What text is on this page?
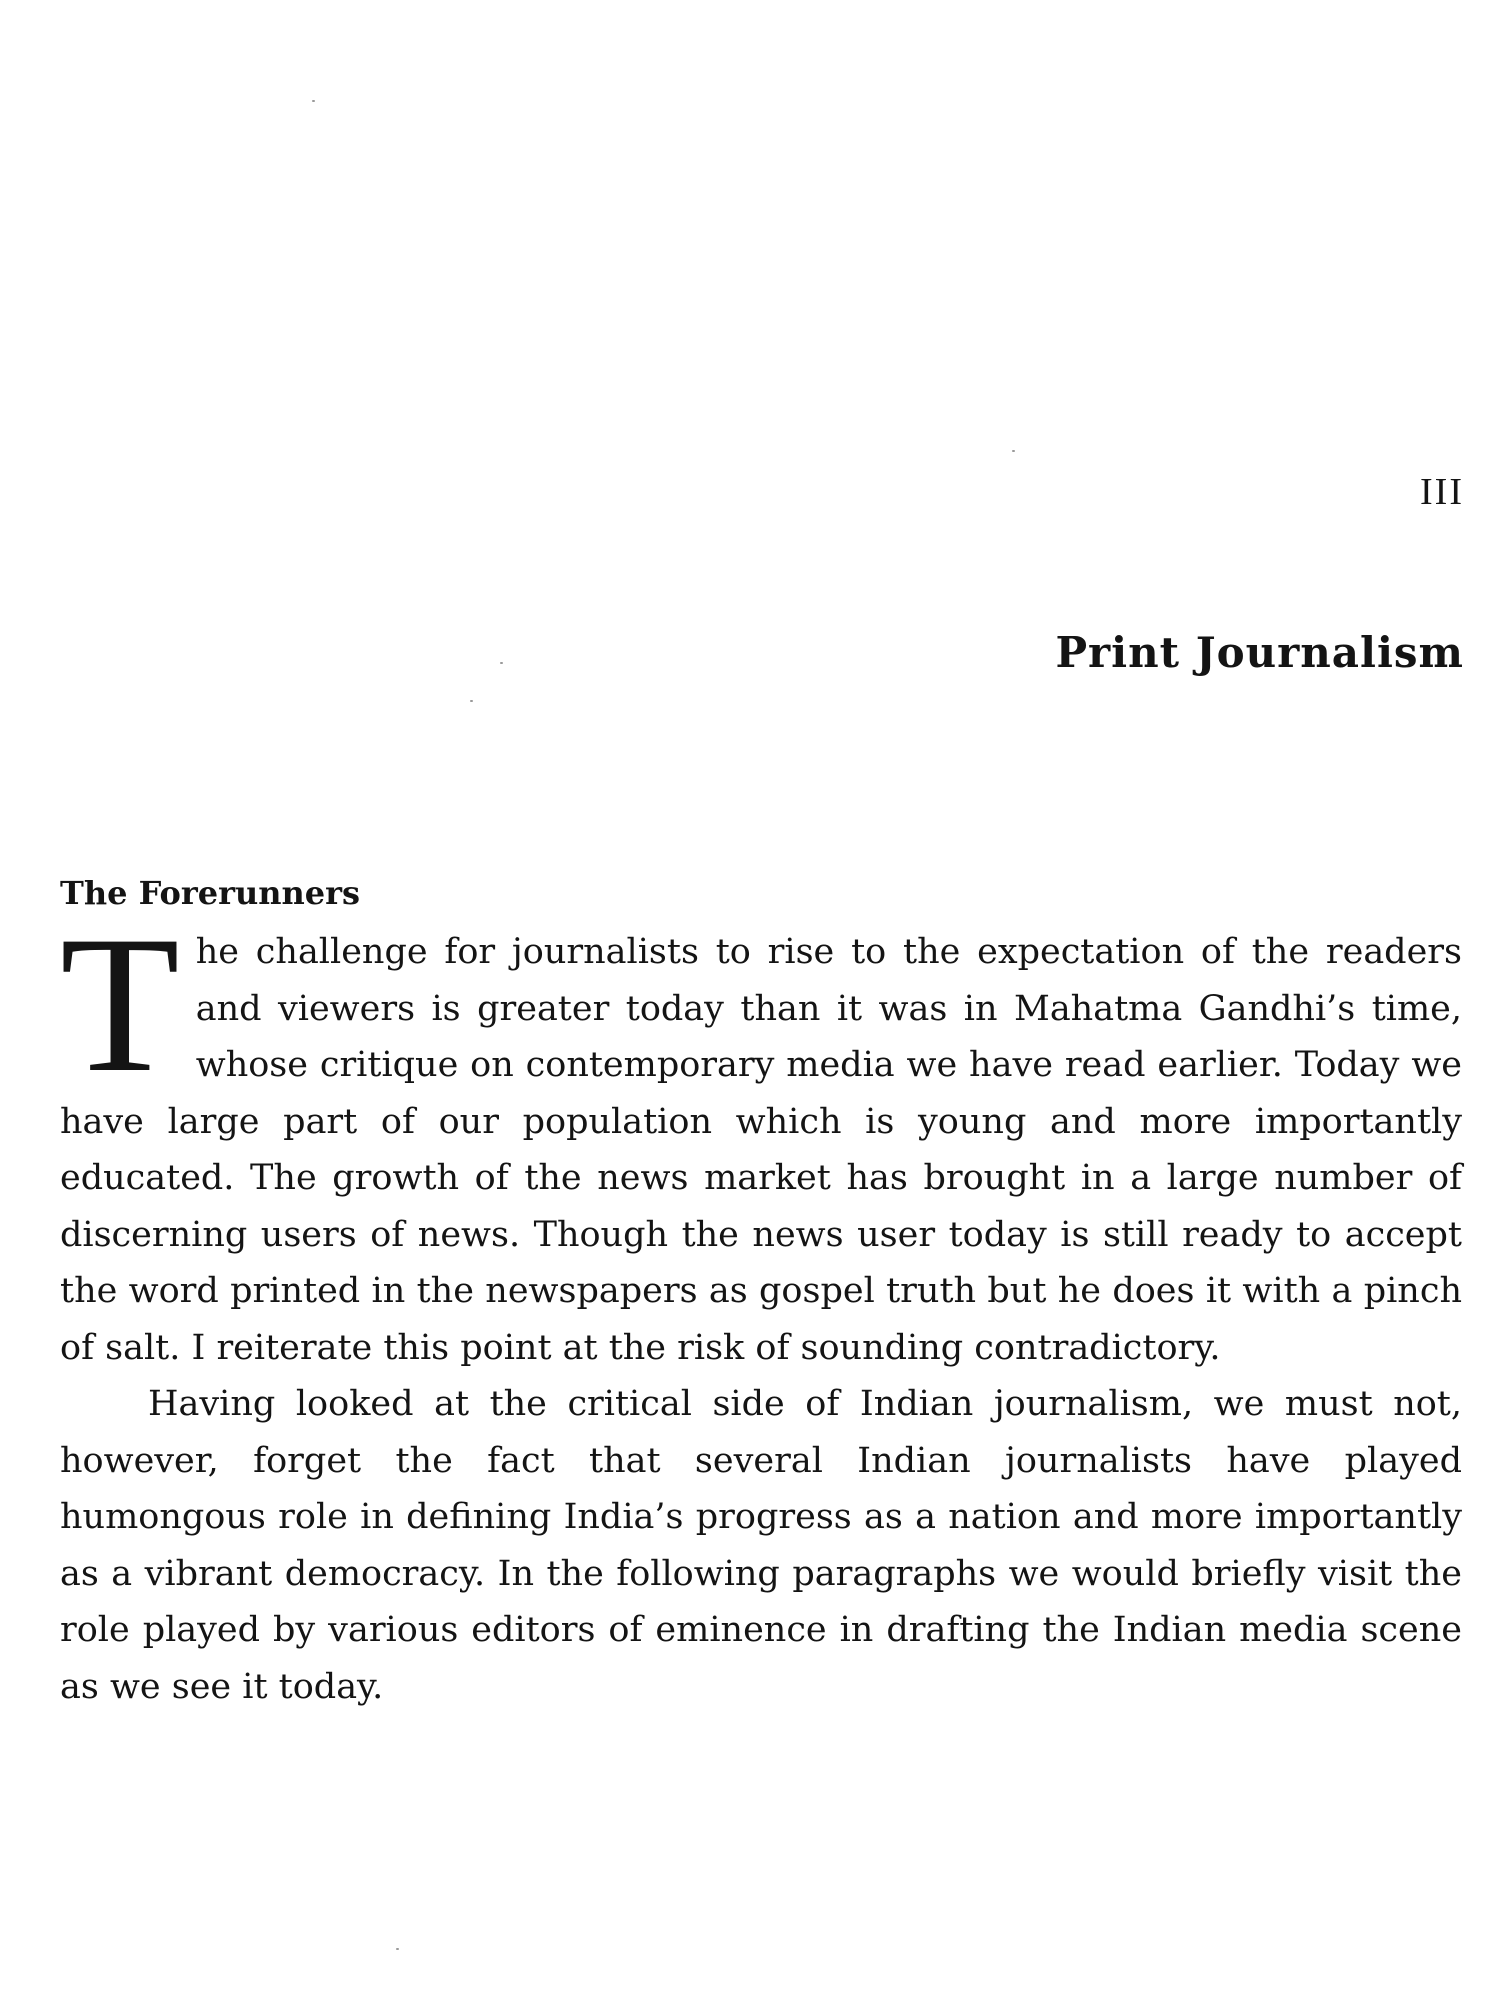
III
Print Journalism
The Forerunners

The challenge for journalists to rise to the expectation of the readers and viewers is greater today than it was in Mahatma Gandhi’s time, whose critique on contemporary media we have read earlier. Today we have large part of our population which is young and more importantly educated. The growth of the news market has brought in a large number of discerning users of news. Though the news user today is still ready to accept the word printed in the newspapers as gospel truth but he does it with a pinch of salt. I reiterate this point at the risk of sounding contradictory.

Having looked at the critical side of Indian journalism, we must not, however, forget the fact that several Indian journalists have played humongous role in defining India’s progress as a nation and more importantly as a vibrant democracy. In the following paragraphs we would briefly visit the role played by various editors of eminence in drafting the Indian media scene as we see it today.
